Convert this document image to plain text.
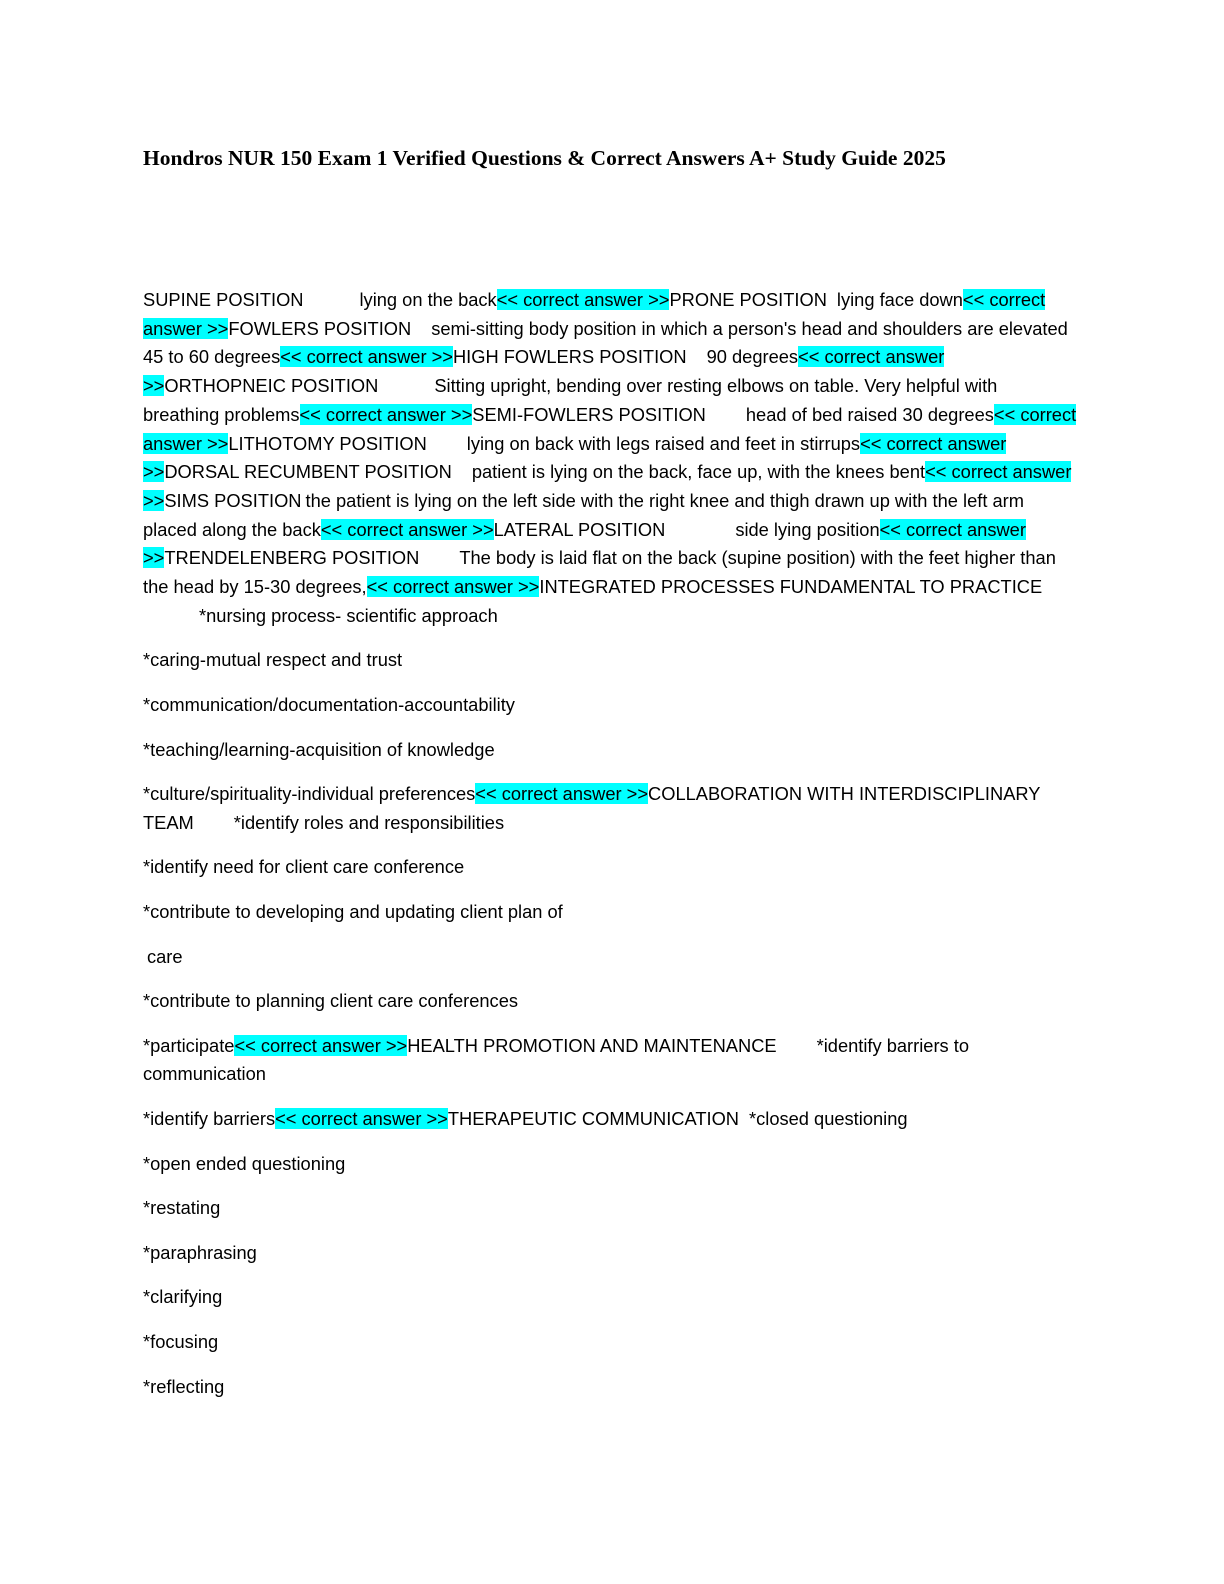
Hondros NUR 150 Exam 1 Verified Questions & Correct Answers A+ Study Guide 2025

SUPINE POSITION	lying on the back<< correct answer >>PRONE POSITION lying face down<< correct answer >>FOWLERS POSITION semi-sitting body position in which a person's head and shoulders are elevated 45 to 60 degrees<< correct answer >>HIGH FOWLERS POSITION 90 degrees<< correct answer >>ORTHOPNEIC POSITION	Sitting upright, bending over resting elbows on table. Very helpful with breathing problems<< correct answer >>SEMI-FOWLERS POSITION head of bed raised 30 degrees<< correct answer >>LITHOTOMY POSITION lying on back with legs raised and feet in stirrups<< correct answer >>DORSAL RECUMBENT POSITION patient is lying on the back, face up, with the knees bent<< correct answer >>SIMS POSITION the patient is lying on the left side with the right knee and thigh drawn up with the left arm placed along the back<< correct answer >>LATERAL POSITION	side lying position<< correct answer >>TRENDELENBERG POSITION The body is laid flat on the back (supine position) with the feet higher than the head by 15-30 degrees,<< correct answer >>INTEGRATED PROCESSES FUNDAMENTAL TO PRACTICE*nursing process- scientific approach

*caring-mutual respect and trust

*communication/documentation-accountability

*teaching/learning-acquisition of knowledge

*culture/spirituality-individual preferences<< correct answer >>COLLABORATION WITH INTERDISCIPLINARY TEAM *identify roles and responsibilities

*identify need for client care conference

*contribute to developing and updating client plan of

care

*contribute to planning client care conferences

*participate<< correct answer >>HEALTH PROMOTION AND MAINTENANCE *identify barriers to communication

*identify barriers<< correct answer >>THERAPEUTIC COMMUNICATION *closed questioning

*open ended questioning

*restating

*paraphrasing

*clarifying

*focusing

*reflecting
